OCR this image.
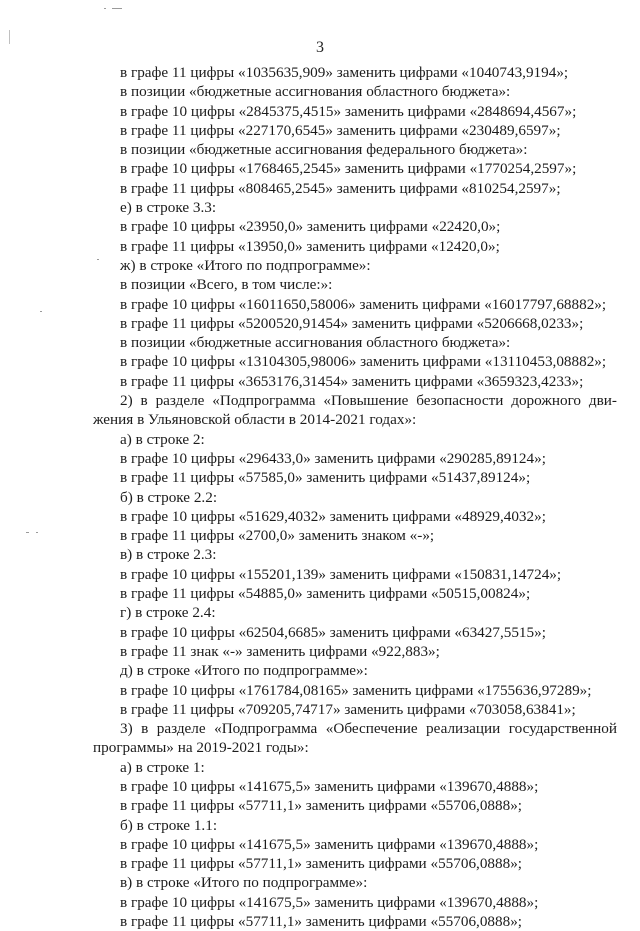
3
в графе 11 цифры «1035635,909» заменить цифрами «1040743,9194»;
в позиции «бюджетные ассигнования областного бюджета»:
в графе 10 цифры «2845375,4515» заменить цифрами «2848694,4567»;
в графе 11 цифры «227170,6545» заменить цифрами «230489,6597»;
в позиции «бюджетные ассигнования федерального бюджета»:
в графе 10 цифры «1768465,2545» заменить цифрами «1770254,2597»;
в графе 11 цифры «808465,2545» заменить цифрами «810254,2597»;
е) в строке 3.3:
в графе 10 цифры «23950,0» заменить цифрами «22420,0»;
в графе 11 цифры «13950,0» заменить цифрами «12420,0»;
ж) в строке «Итого по подпрограмме»:
в позиции «Всего, в том числе:»:
в графе 10 цифры «16011650,58006» заменить цифрами «16017797,68882»;
в графе 11 цифры «5200520,91454» заменить цифрами «5206668,0233»;
в позиции «бюджетные ассигнования областного бюджета»:
в графе 10 цифры «13104305,98006» заменить цифрами «13110453,08882»;
в графе 11 цифры «3653176,31454» заменить цифрами «3659323,4233»;
2) в разделе «Подпрограмма «Повышение безопасности дорожного дви-
жения в Ульяновской области в 2014-2021 годах»:
а) в строке 2:
в графе 10 цифры «296433,0» заменить цифрами «290285,89124»;
в графе 11 цифры «57585,0» заменить цифрами «51437,89124»;
б) в строке 2.2:
в графе 10 цифры «51629,4032» заменить цифрами «48929,4032»;
в графе 11 цифры «2700,0» заменить знаком «-»;
в) в строке 2.3:
в графе 10 цифры «155201,139» заменить цифрами «150831,14724»;
в графе 11 цифры «54885,0» заменить цифрами «50515,00824»;
г) в строке 2.4:
в графе 10 цифры «62504,6685» заменить цифрами «63427,5515»;
в графе 11 знак «-» заменить цифрами «922,883»;
д) в строке «Итого по подпрограмме»:
в графе 10 цифры «1761784,08165» заменить цифрами «1755636,97289»;
в графе 11 цифры «709205,74717» заменить цифрами «703058,63841»;
3) в разделе «Подпрограмма «Обеспечение реализации государственной
программы» на 2019-2021 годы»:
а) в строке 1:
в графе 10 цифры «141675,5» заменить цифрами «139670,4888»;
в графе 11 цифры «57711,1» заменить цифрами «55706,0888»;
б) в строке 1.1:
в графе 10 цифры «141675,5» заменить цифрами «139670,4888»;
в графе 11 цифры «57711,1» заменить цифрами «55706,0888»;
в) в строке «Итого по подпрограмме»:
в графе 10 цифры «141675,5» заменить цифрами «139670,4888»;
в графе 11 цифры «57711,1» заменить цифрами «55706,0888»;
